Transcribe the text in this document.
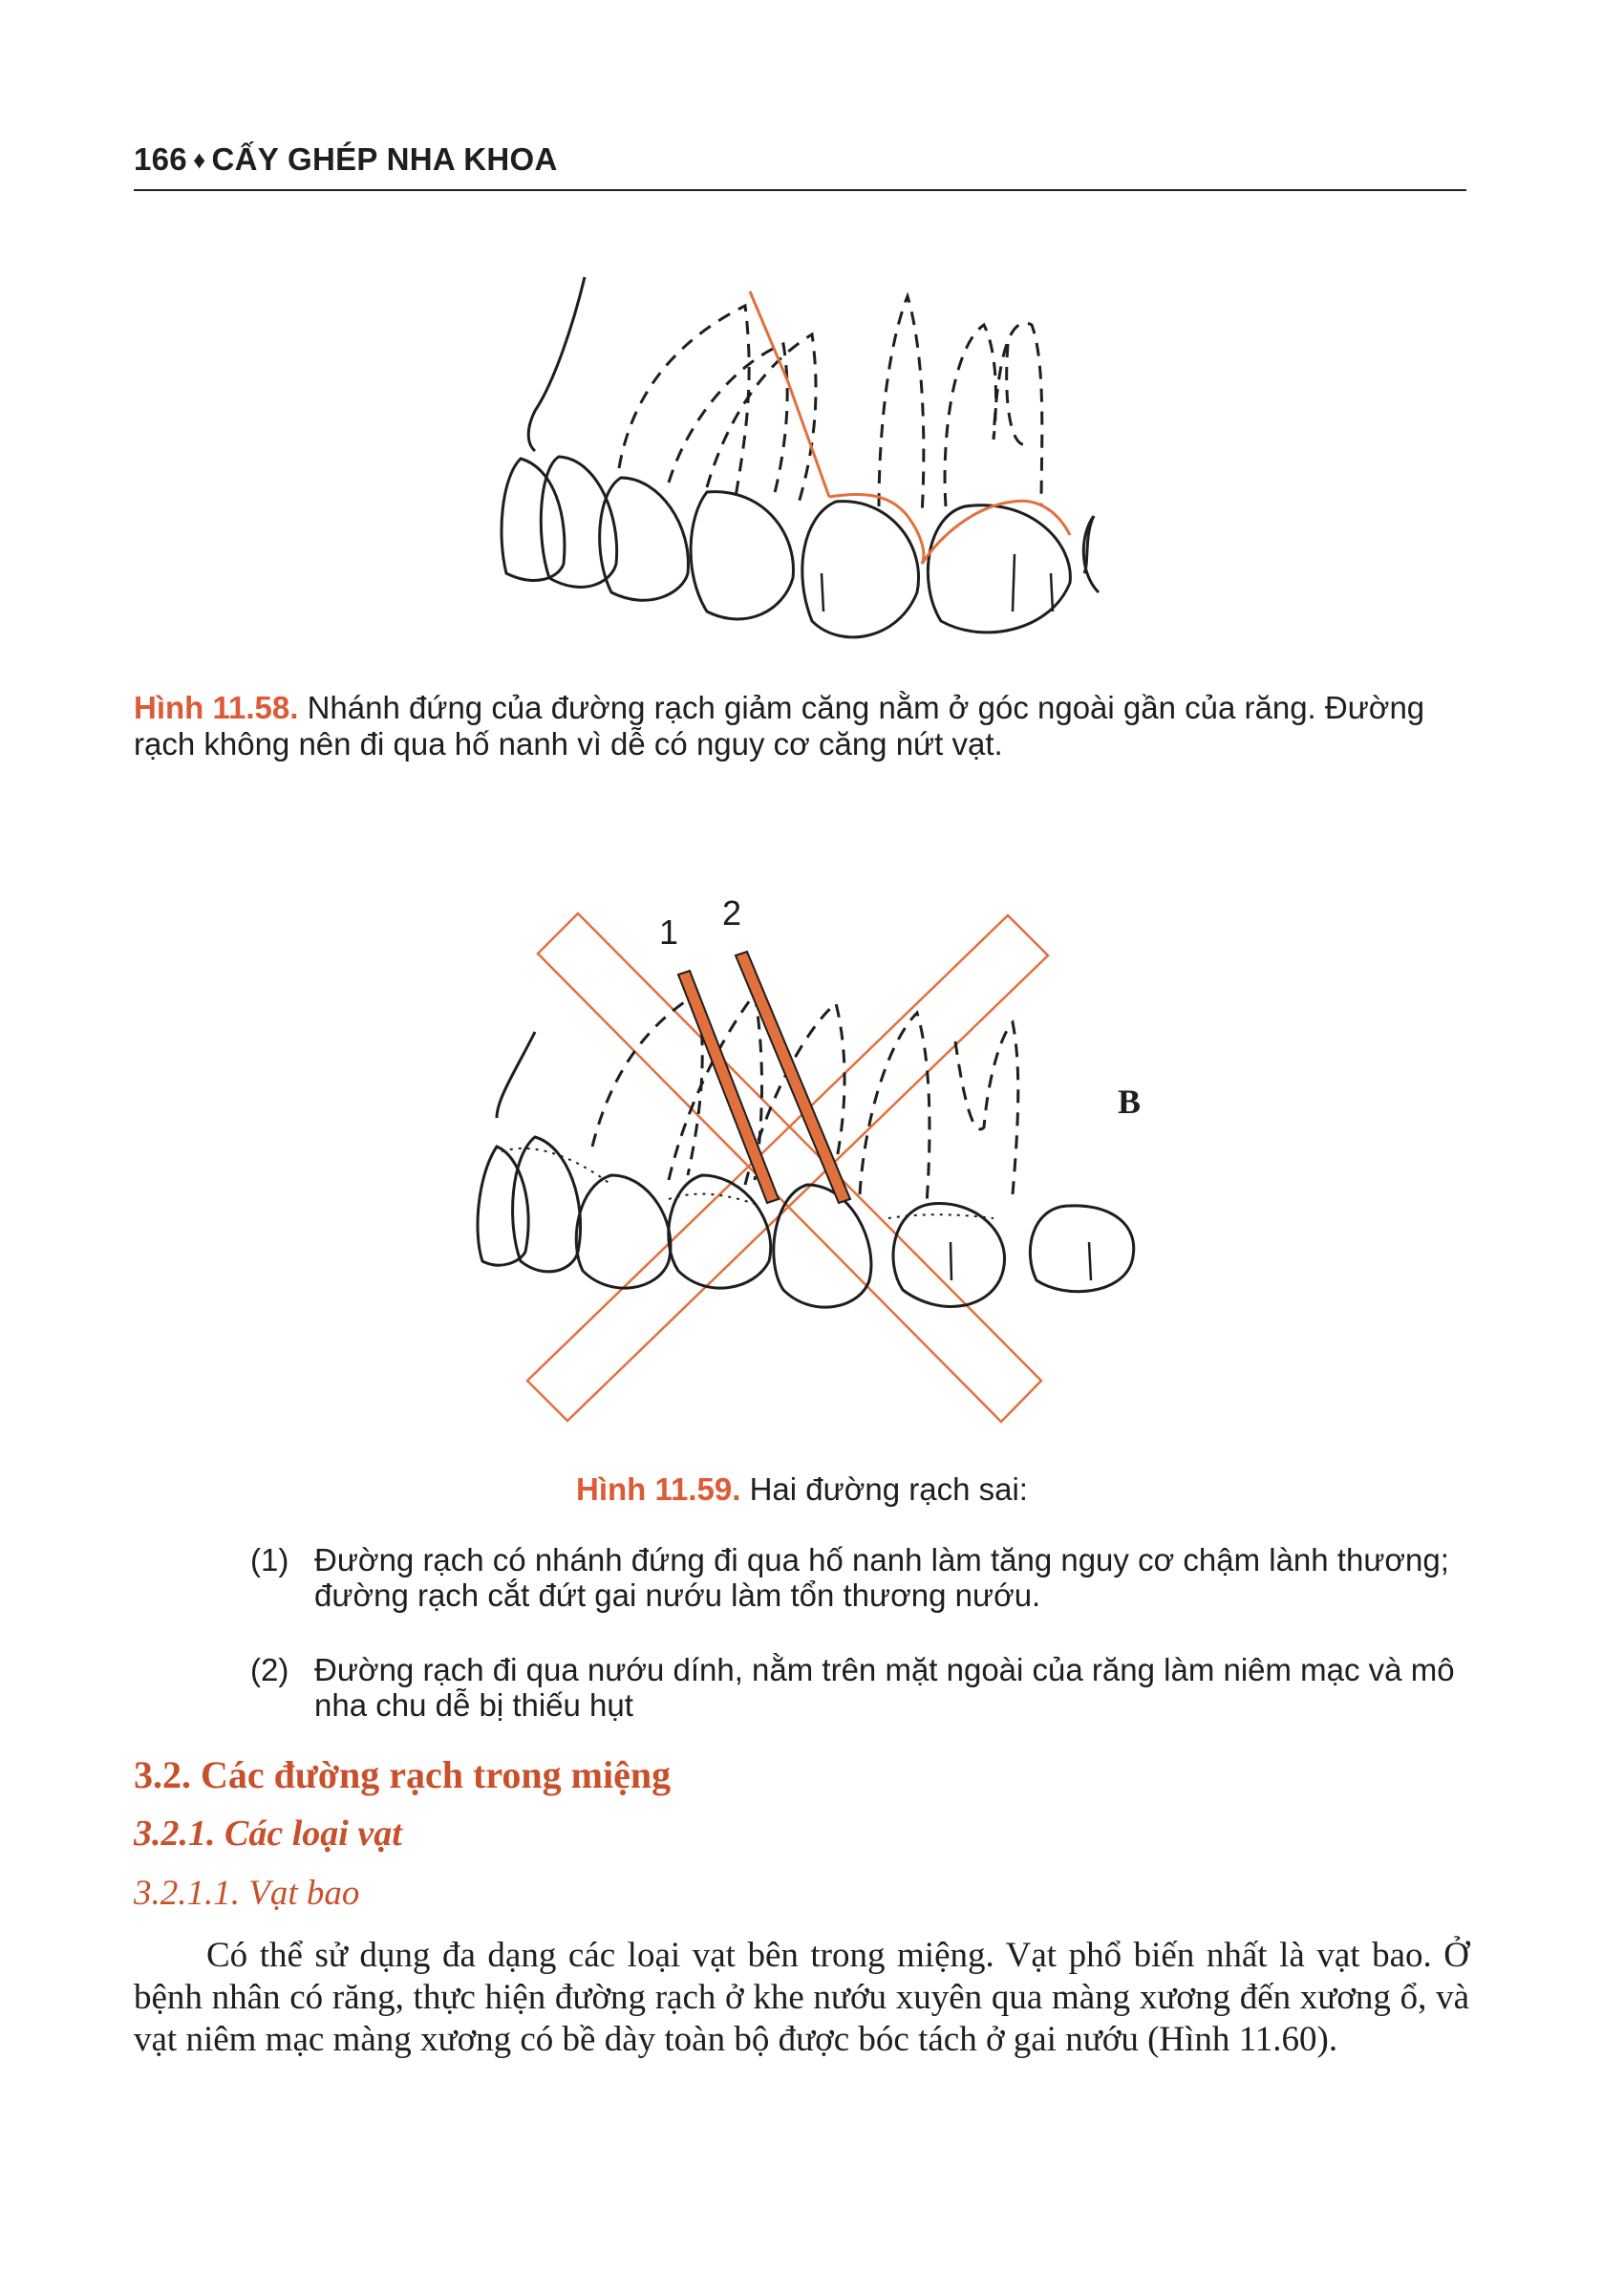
166 ♦ CẤY GHÉP NHA KHOA
Hình 11.58. Nhánh đứng của đường rạch giảm căng nằm ở góc ngoài gần của răng. Đường rạch không nên đi qua hố nanh vì dễ có nguy cơ căng nứt vạt.
1 2
B
Hình 11.59. Hai đường rạch sai:
(1) Đường rạch có nhánh đứng đi qua hố nanh làm tăng nguy cơ chậm lành thương; đường rạch cắt đứt gai nướu làm tổn thương nướu.
(2) Đường rạch đi qua nướu dính, nằm trên mặt ngoài của răng làm niêm mạc và mô nha chu dễ bị thiếu hụt
3.2. Các đường rạch trong miệng
3.2.1. Các loại vạt
3.2.1.1. Vạt bao
Có thể sử dụng đa dạng các loại vạt bên trong miệng. Vạt phổ biến nhất là vạt bao. Ở bệnh nhân có răng, thực hiện đường rạch ở khe nướu xuyên qua màng xương đến xương ổ, và vạt niêm mạc màng xương có bề dày toàn bộ được bóc tách ở gai nướu (Hình 11.60).
